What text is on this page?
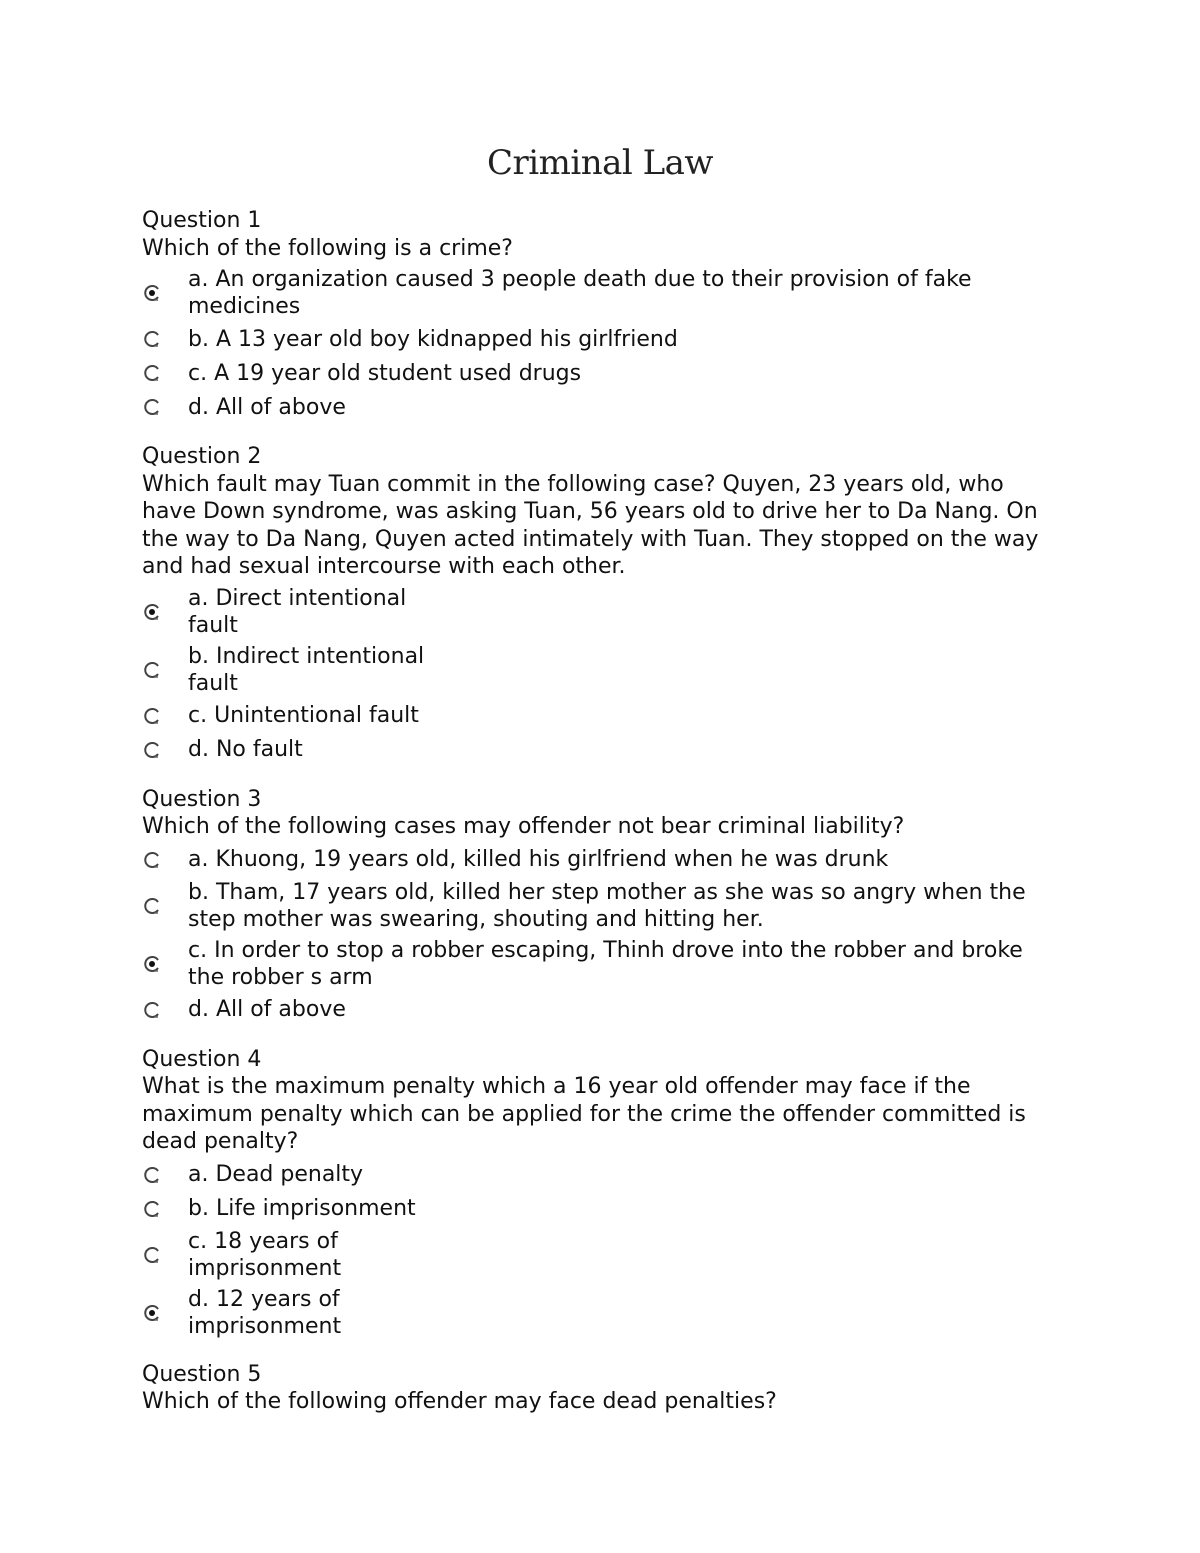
Criminal Law
Question 1
Which of the following is a crime?
a. An organization caused 3 people death due to their provision of fake medicines
b. A 13 year old boy kidnapped his girlfriend
c. A 19 year old student used drugs
d. All of above
Question 2
Which fault may Tuan commit in the following case? Quyen, 23 years old, who have Down syndrome, was asking Tuan, 56 years old to drive her to Da Nang. On the way to Da Nang, Quyen acted intimately with Tuan. They stopped on the way and had sexual intercourse with each other.
a. Direct intentional fault
b. Indirect intentional fault
c. Unintentional fault
d. No fault
Question 3
Which of the following cases may offender not bear criminal liability?
a. Khuong, 19 years old, killed his girlfriend when he was drunk
b. Tham, 17 years old, killed her step mother as she was so angry when the step mother was swearing, shouting and hitting her.
c. In order to stop a robber escaping, Thinh drove into the robber and broke the robber s arm
d. All of above
Question 4
What is the maximum penalty which a 16 year old offender may face if the maximum penalty which can be applied for the crime the offender committed is dead penalty?
a. Dead penalty
b. Life imprisonment
c. 18 years of imprisonment
d. 12 years of imprisonment
Question 5
Which of the following offender may face dead penalties?
